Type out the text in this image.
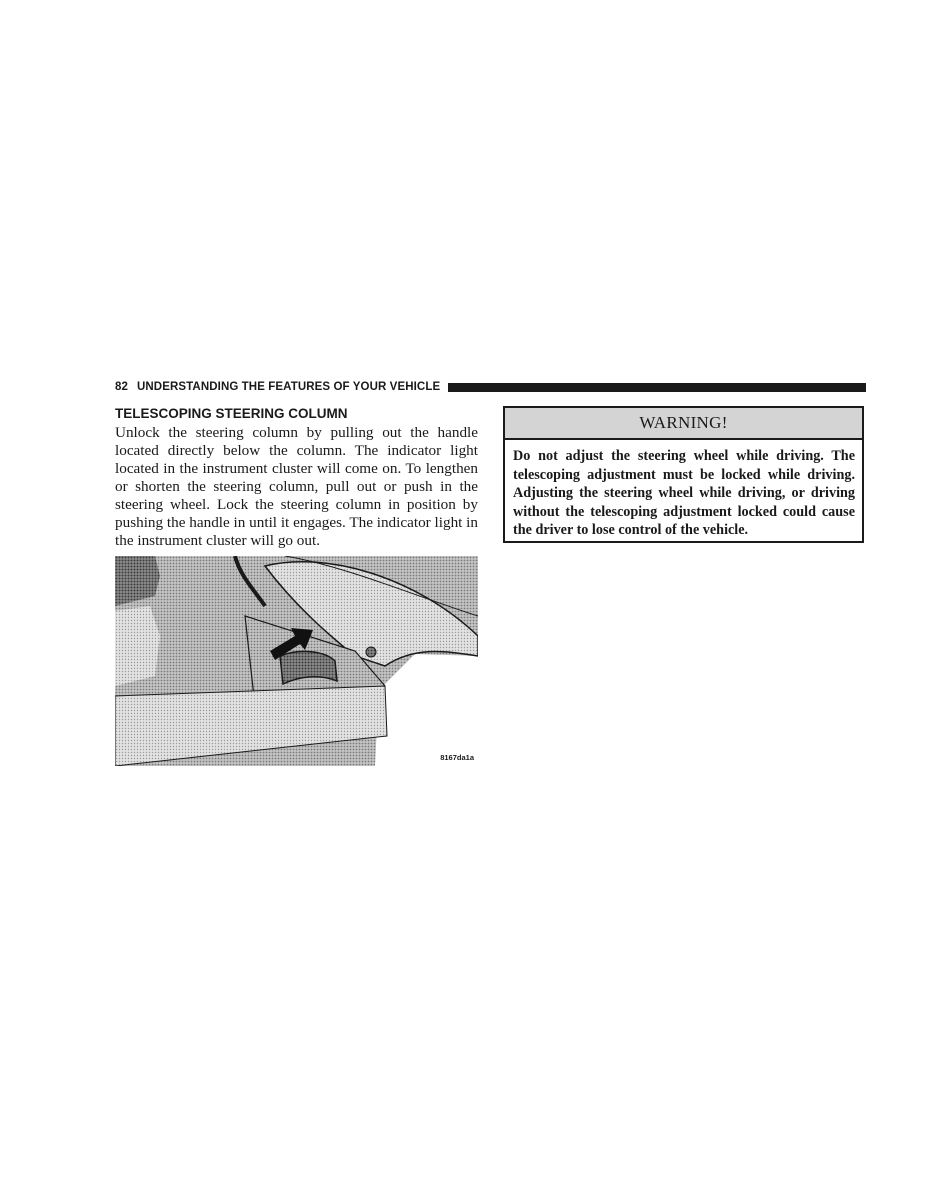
82 UNDERSTANDING THE FEATURES OF YOUR VEHICLE
TELESCOPING STEERING COLUMN
Unlock the steering column by pulling out the handle located directly below the column. The indicator light located in the instrument cluster will come on. To lengthen or shorten the steering column, pull out or push in the steering wheel. Lock the steering column in position by pushing the handle in until it engages. The indicator light in the instrument cluster will go out.
8167da1a
WARNING!
Do not adjust the steering wheel while driving. The telescoping adjustment must be locked while driving. Adjusting the steering wheel while driving, or driving without the telescoping adjustment locked could cause the driver to lose control of the vehicle.
